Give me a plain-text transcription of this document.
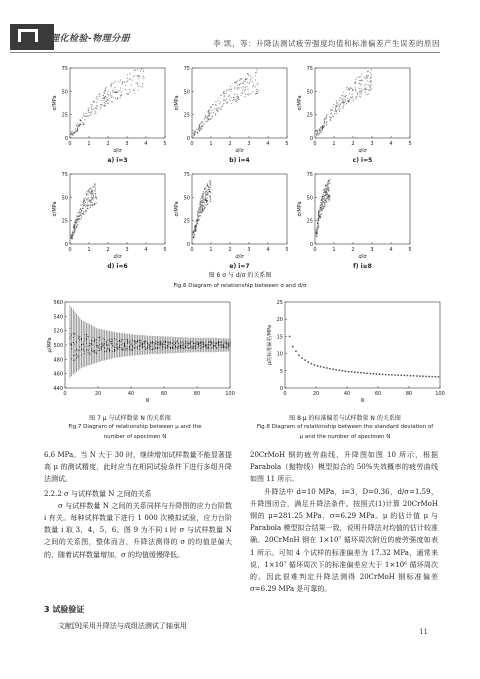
理化检验-物理分册	李 凯，等：升降法测试疲劳强度均值和标准偏差产生误差的原因
0	1	2	3	4	5
0
25
50
75
d/σ
σ/MPa
a) i=3
0	1	2	3	4	5
0
25
50
75
d/σ
σ/MPa
b) i=4
0	1	2	3	4	5
0
25
50
75
d/σ
σ/MPa
c) i=5
0	1	2	3	4	5
0
25
50
75
d/σ
σ/MPa
d) i=6
0	1	2	3	4	5
0
25
50
75
d/σ
σ/MPa
e) i=7
0	1	2	3	4	5
0
25
50
75
d/σ
σ/MPa
f) i≥8
图 6 σ 与 d/σ 的关系图
Fig.6 Diagram of relationship between σ and d/σ
0	20	40	60	80	100
440
460
480
500
520
540
560
N
μ/MPa
0	20	40	60	80	100
0
5
10
15
20
25
N
μ的标准偏差/MPa
图 7 μ 与试样数量 N 的关系图
Fig.7 Diagram of relationship between μ and the
number of specimen N
图 8 μ 的标准偏差与试样数量 N 的关系图
Fig.8 Diagram of relationship between the standard deviation of
μ and the number of specimen N
6.6 MPa。当 N 大于 30 时，继续增加试样数量不能显著提高 μ 的测试精度，此时应当在相同试验条件下进行多组升降法测试。
2.2.2 σ 与试样数量 N 之间的关系
σ 与试样数量 N 之间的关系同样与升降图的应力台阶数 i 有关。每种试样数量下进行 1 000 次模拟试验，应力台阶数量 i 取 3，4，5，6。图 9 为不同 i 时 σ 与试样数量 N 之间的关系图，整体而言，升降法测得的 σ 的均值是偏大的，随着试样数量增加，σ 的均值缓慢降低。
3 试验验证
文献[9]采用升降法与成组法测试了轴承用
20CrMoH 钢的疲劳曲线，升降图如图 10 所示，根据 Parabola（抛物线）模型拟合的 50%失效概率的疲劳曲线如图 11 所示。
升降法中 d=10 MPa，i=3，D=0.36，d/σ=1.59，升降图闭合，满足升降法条件。按照式(1)计算 20CrMoH 钢的 μ=281.25 MPa，σ=6.29 MPa。μ 的估计值 μ 与 Parabola 模型拟合结果一致，说明升降法对均值的估计较准确。20CrMoH 钢在 1×10⁷ 循环周次附近的疲劳强度如表 1 所示。可知 4 个试样的标准偏差为 17.32 MPa，通常来说，1×10⁷ 循环周次下的标准偏差应大于 1×10⁶ 循环周次的。因此很难判定升降法测得 20CrMoH 钢标准偏差 σ=6.29 MPa 是可靠的。
11
